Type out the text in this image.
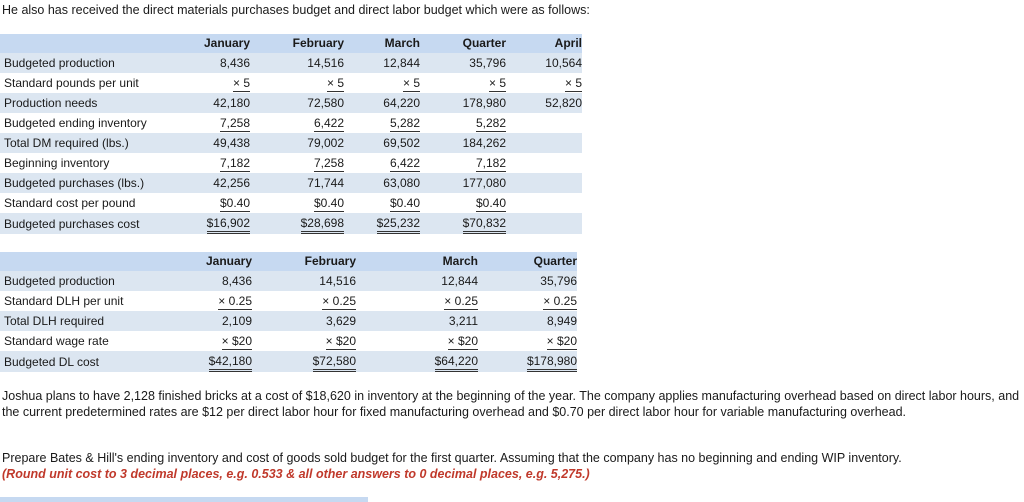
He also has received the direct materials purchases budget and direct labor budget which were as follows:
	January	February	March	Quarter	April
Budgeted production	8,436	14,516	12,844	35,796	10,564
Standard pounds per unit	× 5	× 5	× 5	× 5	× 5
Production needs	42,180	72,580	64,220	178,980	52,820
Budgeted ending inventory	7,258	6,422	5,282	5,282	
Total DM required (lbs.)	49,438	79,002	69,502	184,262	
Beginning inventory	7,182	7,258	6,422	7,182	
Budgeted purchases (lbs.)	42,256	71,744	63,080	177,080	
Standard cost per pound	$0.40	$0.40	$0.40	$0.40	
Budgeted purchases cost	$16,902	$28,698	$25,232	$70,832	
	January	February	March	Quarter
Budgeted production	8,436	14,516	12,844	35,796
Standard DLH per unit	× 0.25	× 0.25	× 0.25	× 0.25
Total DLH required	2,109	3,629	3,211	8,949
Standard wage rate	× $20	× $20	× $20	× $20
Budgeted DL cost	$42,180	$72,580	$64,220	$178,980
Joshua plans to have 2,128 finished bricks at a cost of $18,620 in inventory at the beginning of the year. The company applies manufacturing overhead based on direct labor hours, and the current predetermined rates are $12 per direct labor hour for fixed manufacturing overhead and $0.70 per direct labor hour for variable manufacturing overhead.
Prepare Bates & Hill's ending inventory and cost of goods sold budget for the first quarter. Assuming that the company has no beginning and ending WIP inventory.
(Round unit cost to 3 decimal places, e.g. 0.533 & all other answers to 0 decimal places, e.g. 5,275.)
